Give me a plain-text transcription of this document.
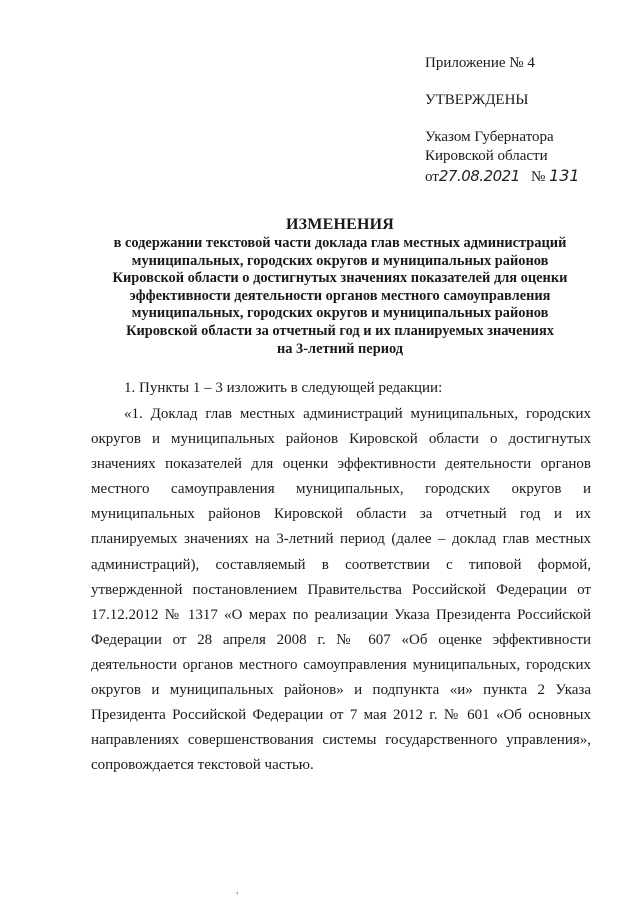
Приложение № 4
УТВЕРЖДЕНЫ
Указом Губернатора
Кировской области
от27.08.2021 № 131
ИЗМЕНЕНИЯ
в содержании текстовой части доклада глав местных администраций
муниципальных, городских округов и муниципальных районов
Кировской области о достигнутых значениях показателей для оценки
эффективности деятельности органов местного самоуправления
муниципальных, городских округов и муниципальных районов
Кировской области за отчетный год и их планируемых значениях
на 3-летний период

1. Пункты 1 – 3 изложить в следующей редакции:

«1. Доклад глав местных администраций муниципальных, городских округов и муниципальных районов Кировской области о достигнутых значениях показателей для оценки эффективности деятельности органов местного самоуправления муниципальных, городских округов и муниципальных районов Кировской области за отчетный год и их планируемых значениях на 3-летний период (далее – доклад глав местных администраций), составляемый в соответствии с типовой формой, утвержденной постановлением Правительства Российской Федерации от 17.12.2012 № 1317 «О мерах по реализации Указа Президента Российской Федерации от 28 апреля 2008 г. № 607 «Об оценке эффективности деятельности органов местного самоуправления муниципальных, городских округов и муниципальных районов» и подпункта «и» пункта 2 Указа Президента Российской Федерации от 7 мая 2012 г. № 601 «Об основных направлениях совершенствования системы государственного управления», сопровождается текстовой частью.

,
